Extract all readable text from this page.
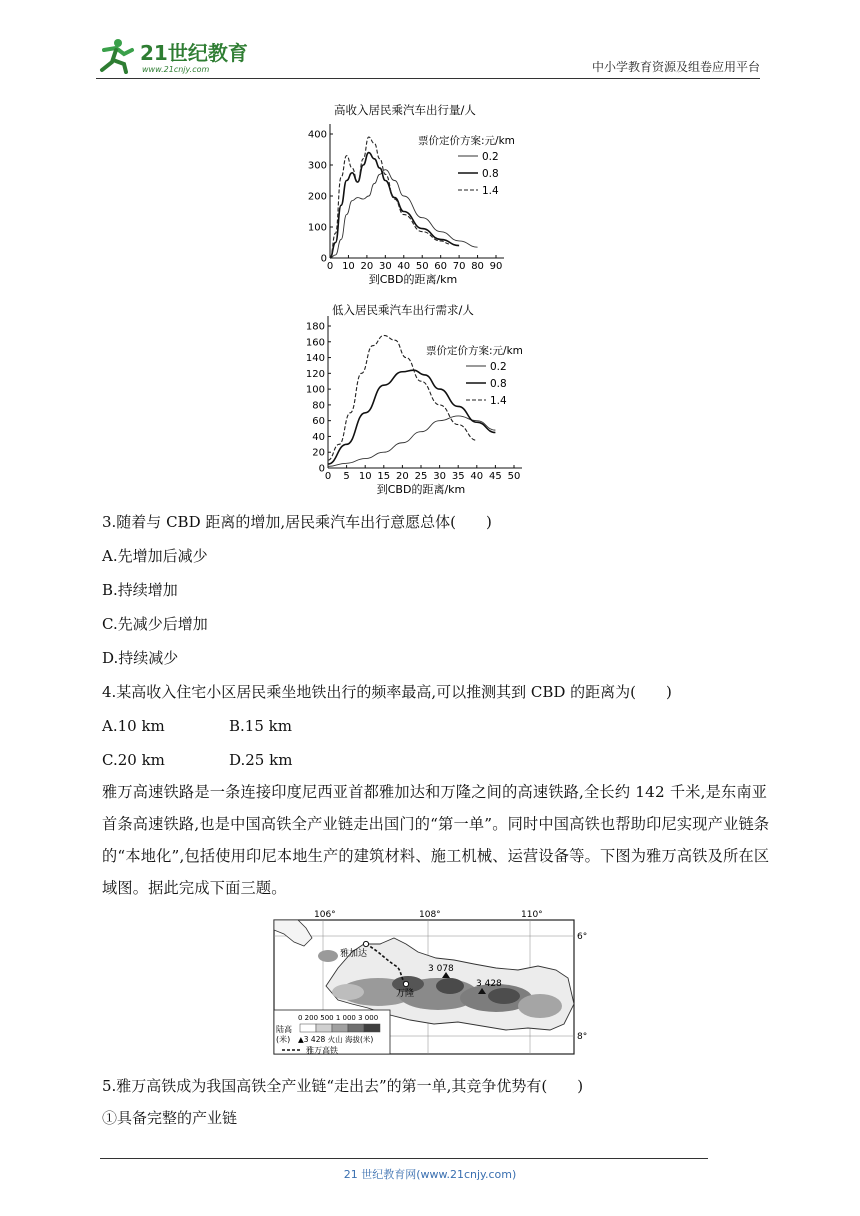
21世纪教育
www.21cnjy.com	中小学教育资源及组卷应用平台
高收入居民乘汽车出行量/人
0 10 20 30 40 50 60 70 80 90
0
100
200
300
400
到CBD的距离/km
票价定价方案:元/km
0.2
0.8
1.4
低入居民乘汽车出行需求/人
0 5 10 15 20 25 30 35 40 45 50
0
20
40
60
80
100
120
140
160
180
到CBD的距离/km
票价定价方案:元/km
0.2
0.8
1.4
3.随着与 CBD 距离的增加,居民乘汽车出行意愿总体(　　)
A.先增加后减少
B.持续增加
C.先减少后增加
D.持续减少
4.某高收入住宅小区居民乘坐地铁出行的频率最高,可以推测其到 CBD 的距离为(　　)
A.10 km	B.15 km
C.20 km	D.25 km
雅万高速铁路是一条连接印度尼西亚首都雅加达和万隆之间的高速铁路,全长约 142 千米,是东南亚首条高速铁路,也是中国高铁全产业链走出国门的“第一单”。同时中国高铁也帮助印尼实现产业链条的“本地化”,包括使用印尼本地生产的建筑材料、施工机械、运营设备等。下图为雅万高铁及所在区域图。据此完成下面三题。
106°	108°	110°
6°
8°
雅加达
万隆
3 078
3 428
0 200 500 1 000 3 000
陆高
(米) ▲3 428 火山 海拔(米)
雅万高铁
5.雅万高铁成为我国高铁全产业链“走出去”的第一单,其竞争优势有(　　)
①具备完整的产业链
21 世纪教育网(www.21cnjy.com)
